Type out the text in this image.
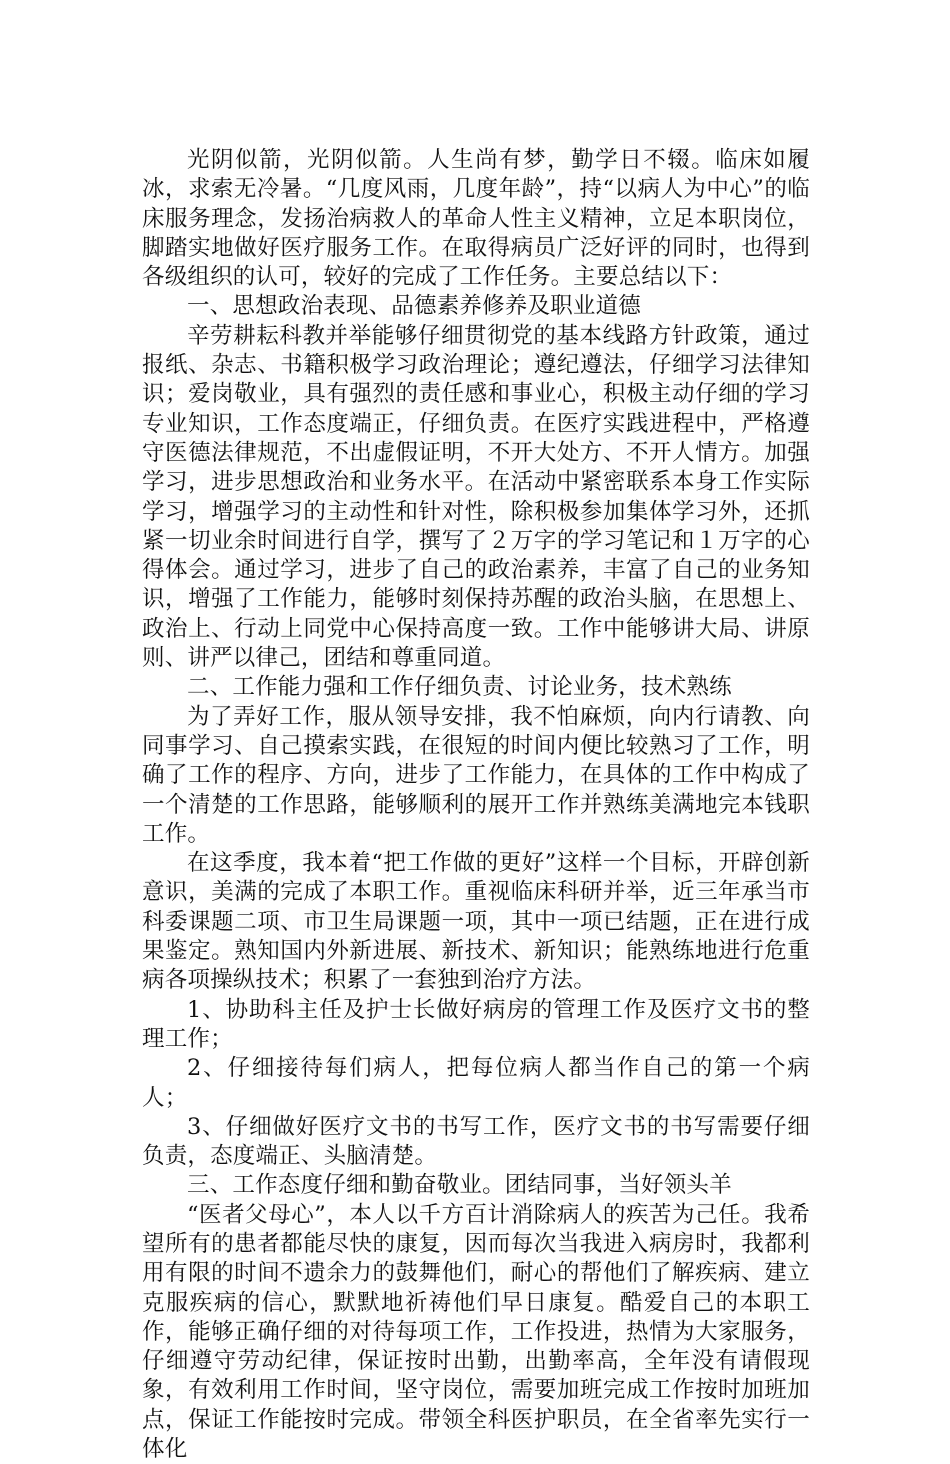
光阴似箭，光阴似箭。人生尚有梦，勤学日不辍。临床如履冰，求索无冷暑。“几度风雨，几度年龄”，持“以病人为中心”的临床服务理念，发扬治病救人的革命人性主义精神，立足本职岗位，脚踏实地做好医疗服务工作。在取得病员广泛好评的同时，也得到各级组织的认可，较好的完成了工作任务。主要总结以下：

一、思想政治表现、品德素养修养及职业道德

辛劳耕耘科教并举能够仔细贯彻党的基本线路方针政策，通过报纸、杂志、书籍积极学习政治理论；遵纪遵法，仔细学习法律知识；爱岗敬业，具有强烈的责任感和事业心，积极主动仔细的学习专业知识，工作态度端正，仔细负责。在医疗实践进程中，严格遵守医德法律规范，不出虚假证明，不开大处方、不开人情方。加强学习，进步思想政治和业务水平。在活动中紧密联系本身工作实际学习，增强学习的主动性和针对性，除积极参加集体学习外，还抓紧一切业余时间进行自学，撰写了２万字的学习笔记和１万字的心得体会。通过学习，进步了自己的政治素养，丰富了自己的业务知识，增强了工作能力，能够时刻保持苏醒的政治头脑，在思想上、政治上、行动上同党中心保持高度一致。工作中能够讲大局、讲原则、讲严以律己，团结和尊重同道。

二、工作能力强和工作仔细负责、讨论业务，技术熟练

为了弄好工作，服从领导安排，我不怕麻烦，向内行请教、向同事学习、自己摸索实践，在很短的时间内便比较熟习了工作，明确了工作的程序、方向，进步了工作能力，在具体的工作中构成了一个清楚的工作思路，能够顺利的展开工作并熟练美满地完本钱职工作。

在这季度，我本着“把工作做的更好”这样一个目标，开辟创新意识，美满的完成了本职工作。重视临床科研并举，近三年承当市科委课题二项、市卫生局课题一项，其中一项已结题，正在进行成果鉴定。熟知国内外新进展、新技术、新知识；能熟练地进行危重病各项操纵技术；积累了一套独到治疗方法。

1、协助科主任及护士长做好病房的管理工作及医疗文书的整理工作；

2、仔细接待每们病人，把每位病人都当作自己的第一个病人；

3、仔细做好医疗文书的书写工作，医疗文书的书写需要仔细负责，态度端正、头脑清楚。

三、工作态度仔细和勤奋敬业。团结同事，当好领头羊

“医者父母心”，本人以千方百计消除病人的疾苦为己任。我希望所有的患者都能尽快的康复，因而每次当我进入病房时，我都利用有限的时间不遗余力的鼓舞他们，耐心的帮他们了解疾病、建立克服疾病的信心，默默地祈祷他们早日康复。酷爱自己的本职工作，能够正确仔细的对待每项工作，工作投进，热情为大家服务，仔细遵守劳动纪律，保证按时出勤，出勤率高，全年没有请假现象，有效利用工作时间，坚守岗位，需要加班完成工作按时加班加点，保证工作能按时完成。带领全科医护职员，在全省率先实行一体化
